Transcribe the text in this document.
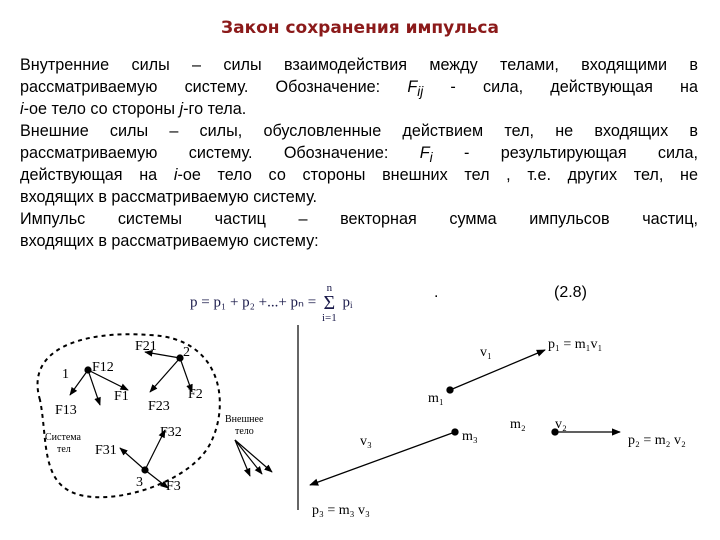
Закон сохранения импульса
Внутренние силы – силы взаимодействия между телами, входящими в
рассматриваемую систему. Обозначение: $F_{ij}$ - сила, действующая на
i-ое тело со стороны j-го тела.
Внешние силы – силы, обусловленные действием тел, не входящих в
рассматриваемую систему. Обозначение: $F_i$ - результирующая сила,
действующая на i-ое тело со стороны внешних тел , т.е. других тел, не
входящих в рассматриваемую систему.
Импульс системы частиц – векторная сумма импульсов частиц,
входящих в рассматриваемую систему:
p = p₁ + p₂ +...+ pₙ =
n
Σ
i=1
pᵢ
.	(2.8)
1
2
3
F12
F21
F13	F23
F32
F31
F1	F2
F3
Система
тел
Внешнее
тело
v₁
p₁ = m₁v₁
m₁
m₂ v₂
p₂ = m₂ v₂
m₃
v₃
p₃ = m₃ v₃
